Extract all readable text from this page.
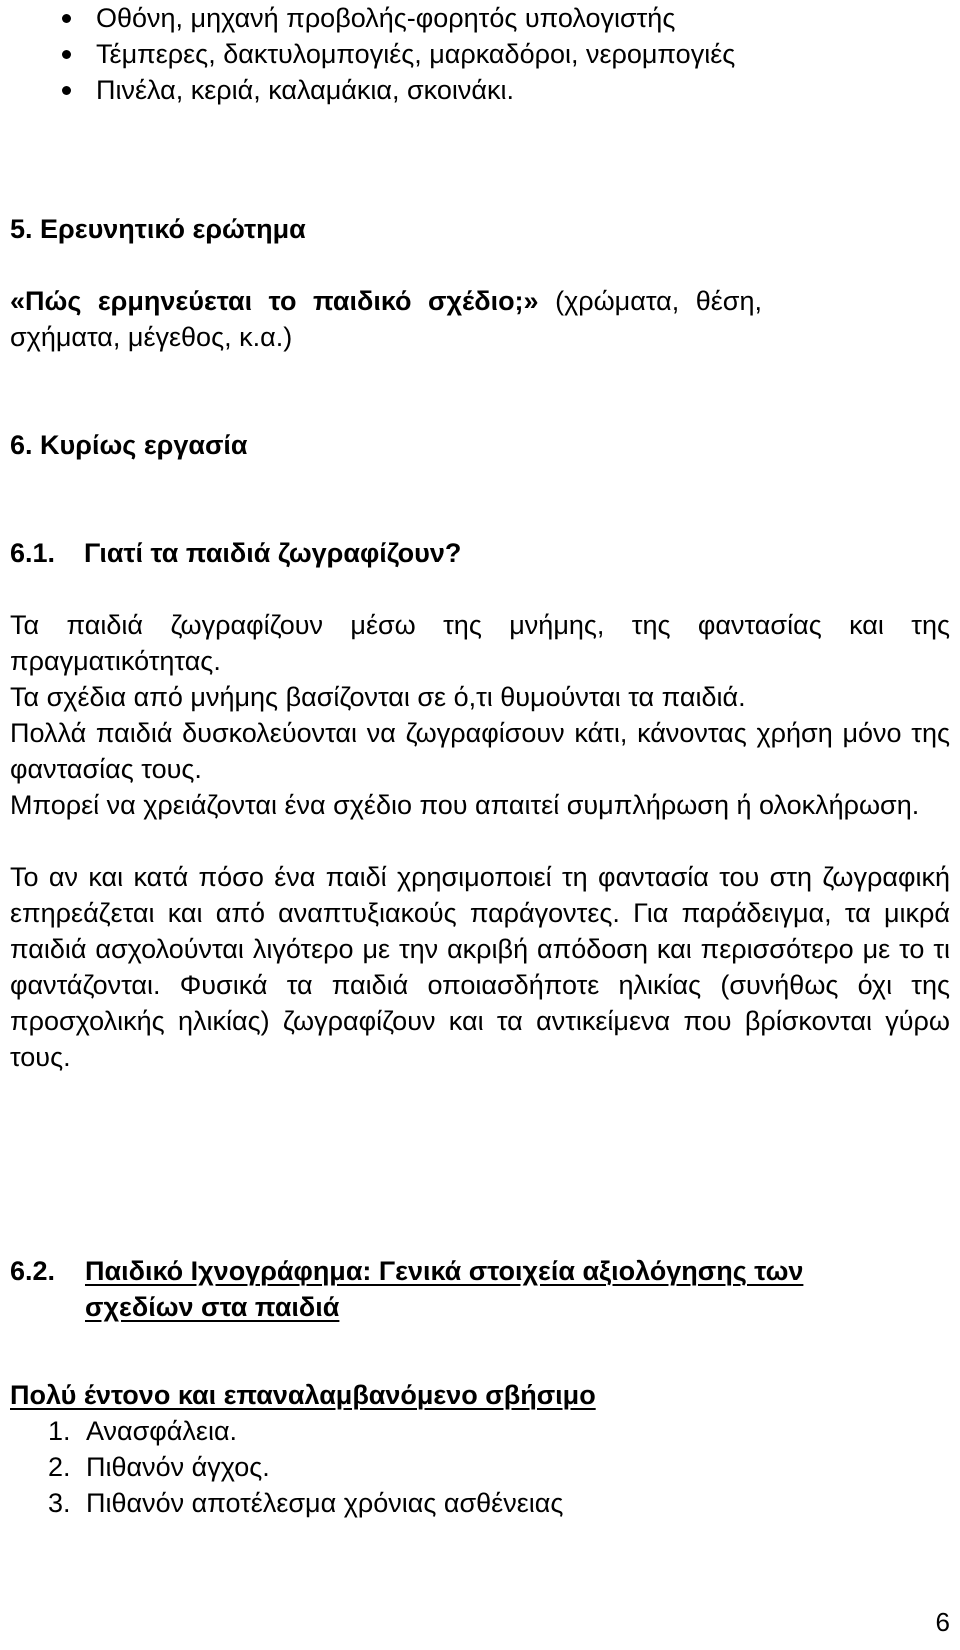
Οθόνη, μηχανή προβολής-φορητός υπολογιστής
Τέμπερες, δακτυλομπογιές, μαρκαδόροι, νερομπογιές
Πινέλα, κεριά, καλαμάκια, σκοινάκι.
5. Ερευνητικό ερώτημα
«Πώς ερμηνεύεται το παιδικό σχέδιο;» (χρώματα, θέση,
σχήματα, μέγεθος, κ.α.)
6. Κυρίως εργασία
6.1. Γιατί τα παιδιά ζωγραφίζουν?
Τα παιδιά ζωγραφίζουν μέσω της μνήμης, της φαντασίας και της πραγματικότητας.
Τα σχέδια από μνήμης βασίζονται σε ό,τι θυμούνται τα παιδιά.
Πολλά παιδιά δυσκολεύονται να ζωγραφίσουν κάτι, κάνοντας χρήση μόνο της φαντασίας τους.
Μπορεί να χρειάζονται ένα σχέδιο που απαιτεί συμπλήρωση ή ολοκλήρωση.
Το αν και κατά πόσο ένα παιδί χρησιμοποιεί τη φαντασία του στη ζωγραφική επηρεάζεται και από αναπτυξιακούς παράγοντες. Για παράδειγμα, τα μικρά παιδιά ασχολούνται λιγότερο με την ακριβή απόδοση και περισσότερο με το τι φαντάζονται. Φυσικά τα παιδιά οποιασδήποτε ηλικίας (συνήθως όχι της προσχολικής ηλικίας) ζωγραφίζουν και τα αντικείμενα που βρίσκονται γύρω τους.
6.2. Παιδικό Ιχνογράφημα: Γενικά στοιχεία αξιολόγησης των
σχεδίων στα παιδιά
Πολύ έντονο και επαναλαμβανόμενο σβήσιμο
1. Ανασφάλεια.
2. Πιθανόν άγχος.
3. Πιθανόν αποτέλεσμα χρόνιας ασθένειας
6
